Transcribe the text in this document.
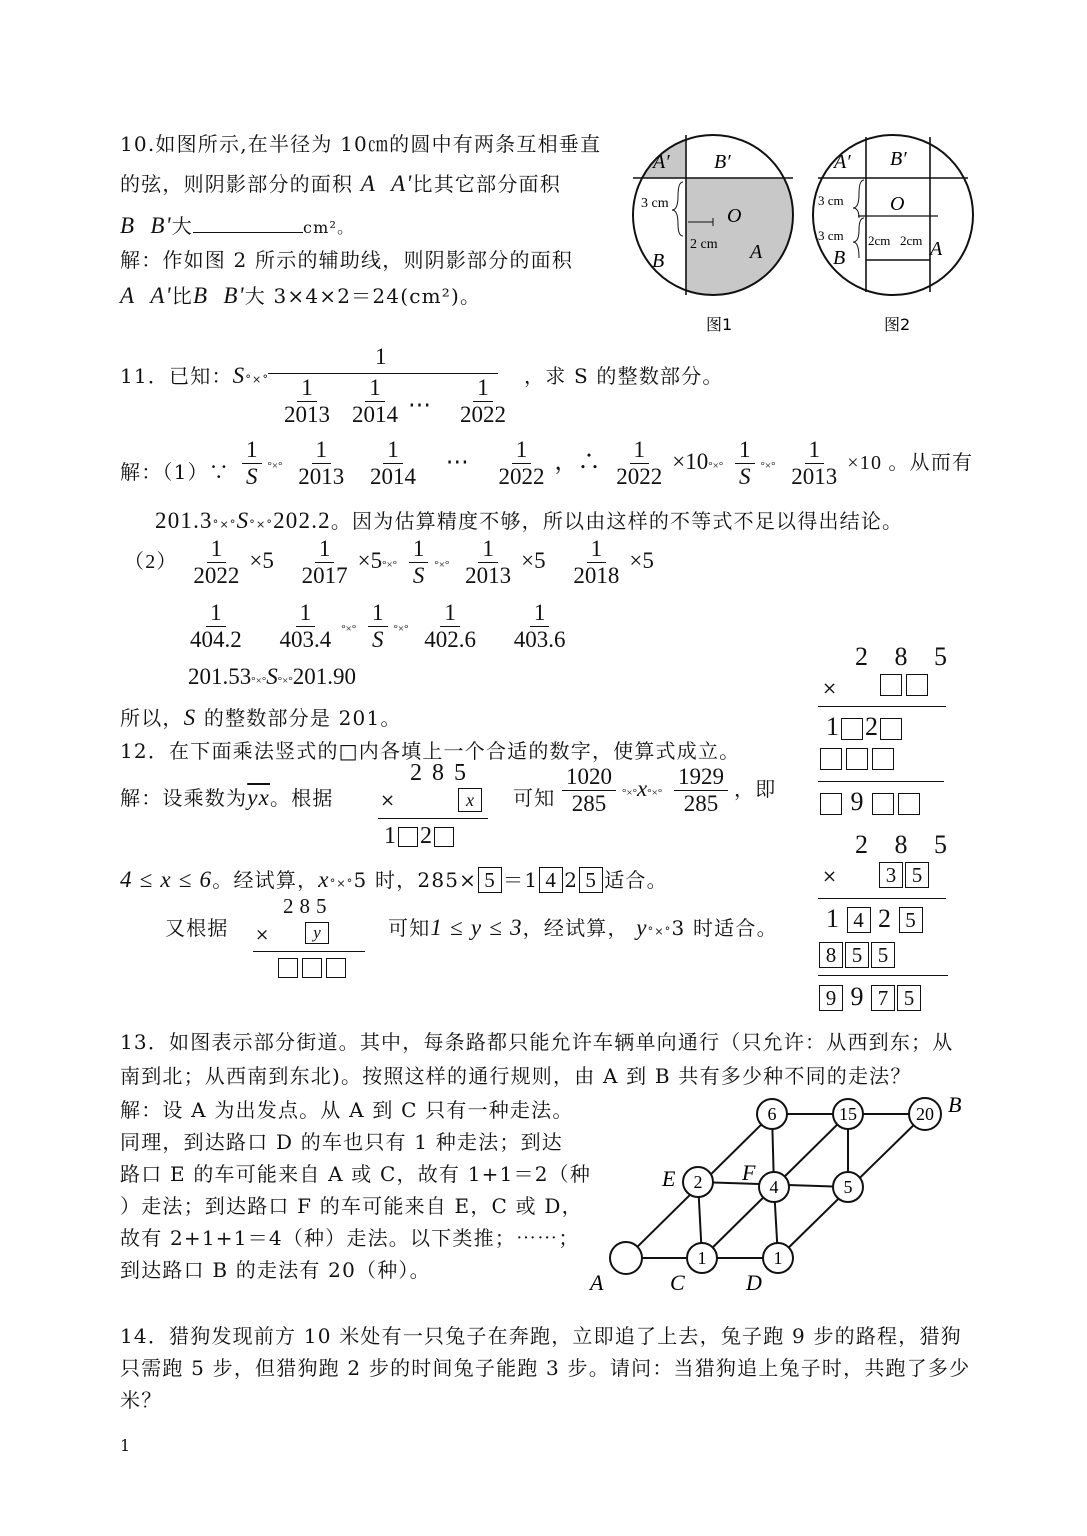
10.如图所示,在半径为 10㎝的圆中有两条互相垂直
的弦，则阴影部分的面积 A A'比其它部分面积
B B'大	cm²。
解：作如图 2 所示的辅助线，则阴影部分的面积
A A'比B B'大 3×4×2＝24(cm²)。
3 cm
2 cm
A′ B′
O
A
B
图1
3 cm
3 cm 2cm 2cm
A′ B′
O
A
B
图2
11．已知：S°×°
1
$\frac{1}{2013} \frac{1}{2014}$ ⋯ $\frac{1}{2022}$ ，求 S 的整数部分。
解：（1）∵ $\frac{1}{S}$ °×° $\frac{1}{2013}$
$\frac{1}{2014}$ ⋯ $\frac{1}{2022}$ ，∴ $\frac{1}{2022} \times 10^\circ\times^\circ \frac{1}{S}$ °×° $\frac{1}{2013} \times 10$ 。从而有
201.3°×°S°×°202.2。因为估算精度不够，所以由这样的不等式不足以得出结论。
$(2) \frac{1}{2022} \times 5 \frac{1}{2017} \times 5^\circ\times^\circ \frac{1}{S}$ °×° $\frac{1}{2013} \times 5 \frac{1}{2018} \times 5$
$\frac{1}{404.2}$
$\frac{1}{403.4}$ °×° $\frac{1}{S}$ °×° $\frac{1}{402.6}$
$\frac{1}{403.6}$
201.53°×°S°×°201.90
所以，S 的整数部分是 201。
12．在下面乘法竖式的□内各填上一个合适的数字，使算式成立。
解：设乘数为$\overline{yx}$。根据
285
×	x
1 2
可知 $\frac{1020}{285} ^\circ\times^\circ x^\circ\times^\circ \frac{1929}{285}$ ，即
4 ≤ x ≤ 6。经试算，x°×°5 时，285× 5 ＝1 4 2 5 适合。
又根据
285
×	y	可知1 ≤ y ≤ 3，经试算， y°×°3 时适合。
2 8 5
×
1 2
9
2 8 5
×	3 5
1 4 2 5
8 5 5
9 9 7 5
13．如图表示部分街道。其中，每条路都只能允许车辆单向通行（只允许：从西到东；从
南到北；从西南到东北)。按照这样的通行规则，由 A 到 B 共有多少种不同的走法？
解：设 A 为出发点。从 A 到 C 只有一种走法。
同理，到达路口 D 的车也只有 1 种走法；到达
路口 E 的车可能来自 A 或 C，故有 1+1＝2（种
）走法；到达路口 F 的车可能来自 E，C 或 D，
故有 2+1+1＝4（种）走法。以下类推；⋯⋯；
到达路口 B 的走法有 20（种）。
6	15	20
2	4	5
1	1
B
E	F
A	C	D
14．猎狗发现前方 10 米处有一只兔子在奔跑，立即追了上去，兔子跑 9 步的路程，猎狗
只需跑 5 步，但猎狗跑 2 步的时间兔子能跑 3 步。请问：当猎狗追上兔子时，共跑了多少
米？
1
